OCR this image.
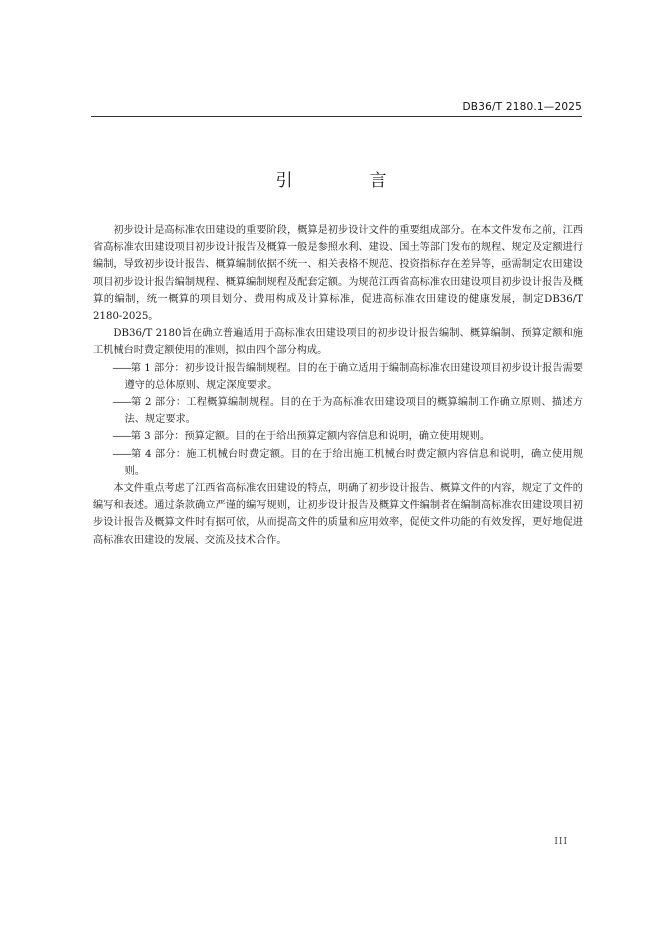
DB36/T 2180.1—2025
引　言

初步设计是高标准农田建设的重要阶段，概算是初步设计文件的重要组成部分。在本文件发布之前，江西省高标准农田建设项目初步设计报告及概算一般是参照水利、建设、国土等部门发布的规程、规定及定额进行编制，导致初步设计报告、概算编制依据不统一、相关表格不规范、投资指标存在差异等，亟需制定农田建设项目初步设计报告编制规程、概算编制规程及配套定额。为规范江西省高标准农田建设项目初步设计报告及概算的编制，统一概算的项目划分、费用构成及计算标准，促进高标准农田建设的健康发展，制定DB36/T 2180-2025。

DB36/T 2180旨在确立普遍适用于高标准农田建设项目的初步设计报告编制、概算编制、预算定额和施工机械台时费定额使用的准则，拟由四个部分构成。

——第 1 部分：初步设计报告编制规程。目的在于确立适用于编制高标准农田建设项目初步设计报告需要遵守的总体原则、规定深度要求。

——第 2 部分：工程概算编制规程。目的在于为高标准农田建设项目的概算编制工作确立原则、描述方法、规定要求。

——第 3 部分：预算定额。目的在于给出预算定额内容信息和说明，确立使用规则。

——第 4 部分：施工机械台时费定额。目的在于给出施工机械台时费定额内容信息和说明，确立使用规则。

本文件重点考虑了江西省高标准农田建设的特点，明确了初步设计报告、概算文件的内容，规定了文件的编写和表述。通过条款确立严谨的编写规则，让初步设计报告及概算文件编制者在编制高标准农田建设项目初步设计报告及概算文件时有据可依，从而提高文件的质量和应用效率，促使文件功能的有效发挥，更好地促进高标准农田建设的发展、交流及技术合作。

III
